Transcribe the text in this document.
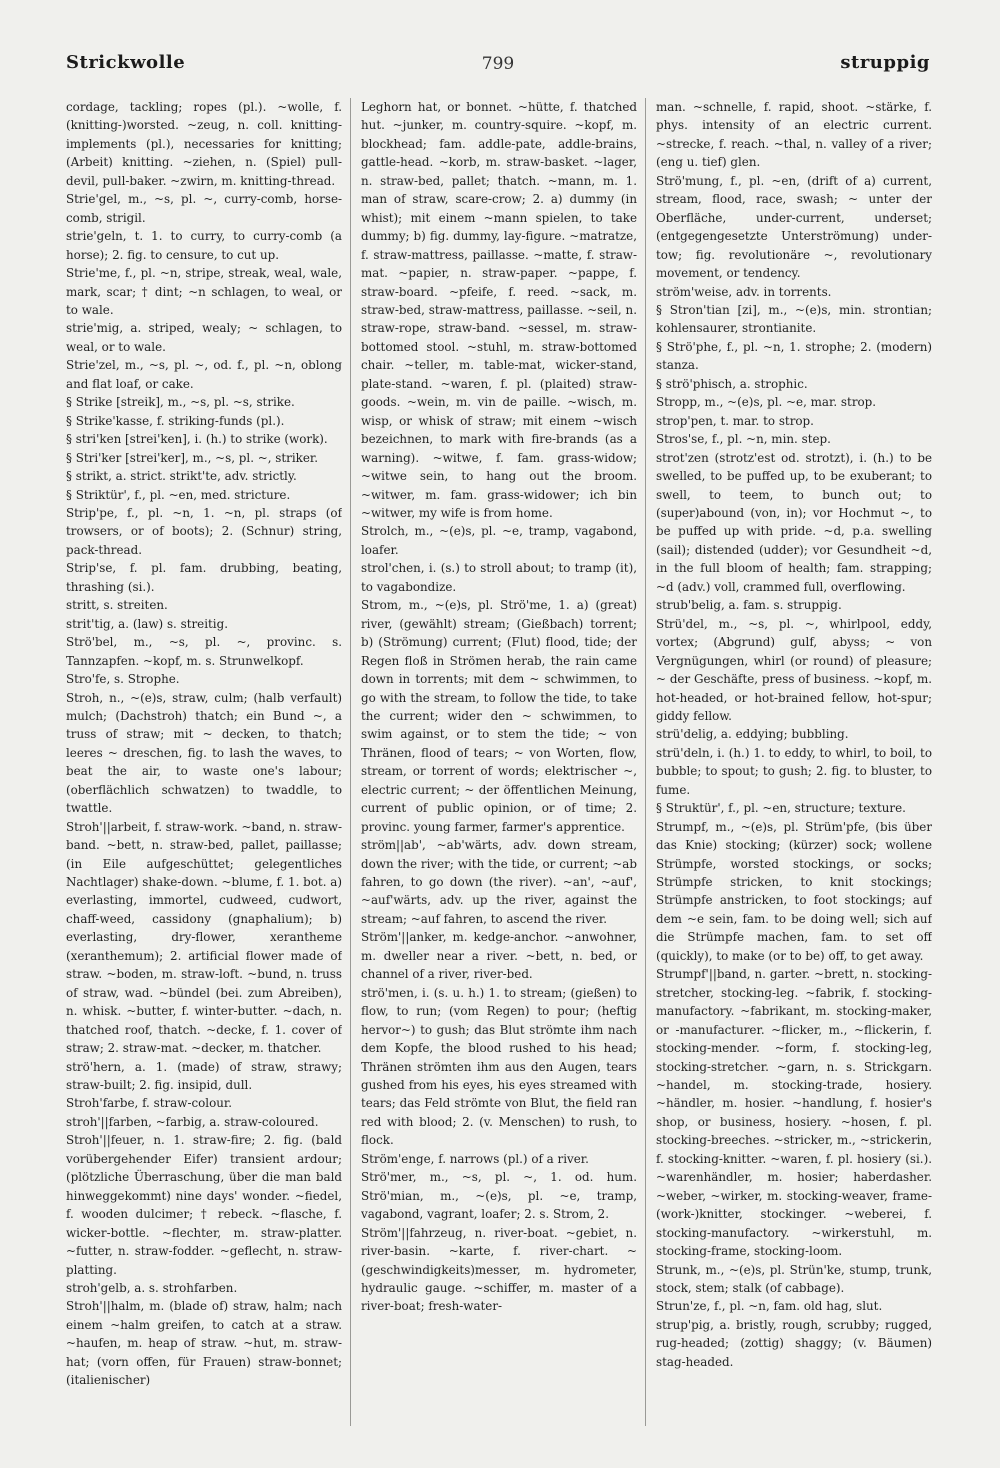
Strickwolle	799	struppig

cordage, tackling; ropes (pl.). ~wolle, f. (knitting-)worsted. ~zeug, n. coll. knitting-implements (pl.), necessaries for knitting; (Arbeit) knitting. ~ziehen, n. (Spiel) pull-devil, pull-baker. ~zwirn, m. knitting-thread.

Strie'gel, m., ~s, pl. ~, curry-comb, horse-comb, strigil.

strie'geln, t. 1. to curry, to curry-comb (a horse); 2. fig. to censure, to cut up.

Strie'me, f., pl. ~n, stripe, streak, weal, wale, mark, scar; † dint; ~n schlagen, to weal, or to wale.

strie'mig, a. striped, wealy; ~ schlagen, to weal, or to wale.

Strie'zel, m., ~s, pl. ~, od. f., pl. ~n, oblong and flat loaf, or cake.

§ Strike [streik], m., ~s, pl. ~s, strike.

§ Strike'kasse, f. striking-funds (pl.).

§ stri'ken [strei'ken], i. (h.) to strike (work).

§ Stri'ker [strei'ker], m., ~s, pl. ~, striker.

§ strikt, a. strict. strikt'te, adv. strictly.

§ Striktür', f., pl. ~en, med. stricture.

Strip'pe, f., pl. ~n, 1. ~n, pl. straps (of trowsers, or of boots); 2. (Schnur) string, pack-thread.

Strip'se, f. pl. fam. drubbing, beating, thrashing (si.).

stritt, s. streiten.

strit'tig, a. (law) s. streitig.

Strö'bel, m., ~s, pl. ~, provinc. s. Tannzapfen. ~kopf, m. s. Strunwelkopf.

Stro'fe, s. Strophe.

Stroh, n., ~(e)s, straw, culm; (halb verfault) mulch; (Dachstroh) thatch; ein Bund ~, a truss of straw; mit ~ decken, to thatch; leeres ~ dreschen, fig. to lash the waves, to beat the air, to waste one's labour; (oberflächlich schwatzen) to twaddle, to twattle.

Stroh'||arbeit, f. straw-work. ~band, n. straw-band. ~bett, n. straw-bed, pallet, paillasse; (in Eile aufgeschüttet; gelegentliches Nachtlager) shake-down. ~blume, f. 1. bot. a) everlasting, immortel, cudweed, cudwort, chaff-weed, cassidony (gnaphalium); b) everlasting, dry-flower, xerantheme (xeranthemum); 2. artificial flower made of straw. ~boden, m. straw-loft. ~bund, n. truss of straw, wad. ~bündel (bei. zum Abreiben), n. whisk. ~butter, f. winter-butter. ~dach, n. thatched roof, thatch. ~decke, f. 1. cover of straw; 2. straw-mat. ~decker, m. thatcher.

strö'hern, a. 1. (made) of straw, strawy; straw-built; 2. fig. insipid, dull.

Stroh'farbe, f. straw-colour.

stroh'||farben, ~farbig, a. straw-coloured.

Stroh'||feuer, n. 1. straw-fire; 2. fig. (bald vorübergehender Eifer) transient ardour; (plötzliche Überraschung, über die man bald hinweggekommt) nine days' wonder. ~fiedel, f. wooden dulcimer; † rebeck. ~flasche, f. wicker-bottle. ~flechter, m. straw-platter. ~futter, n. straw-fodder. ~geflecht, n. straw-platting.

stroh'gelb, a. s. strohfarben.

Stroh'||halm, m. (blade of) straw, halm; nach einem ~halm greifen, to catch at a straw. ~haufen, m. heap of straw. ~hut, m. straw-hat; (vorn offen, für Frauen) straw-bonnet; (italienischer)

Leghorn hat, or bonnet. ~hütte, f. thatched hut. ~junker, m. country-squire. ~kopf, m. blockhead; fam. addle-pate, addle-brains, gattle-head. ~korb, m. straw-basket. ~lager, n. straw-bed, pallet; thatch. ~mann, m. 1. man of straw, scare-crow; 2. a) dummy (in whist); mit einem ~mann spielen, to take dummy; b) fig. dummy, lay-figure. ~matratze, f. straw-mattress, paillasse. ~matte, f. straw-mat. ~papier, n. straw-paper. ~pappe, f. straw-board. ~pfeife, f. reed. ~sack, m. straw-bed, straw-mattress, paillasse. ~seil, n. straw-rope, straw-band. ~sessel, m. straw-bottomed stool. ~stuhl, m. straw-bottomed chair. ~teller, m. table-mat, wicker-stand, plate-stand. ~waren, f. pl. (plaited) straw-goods. ~wein, m. vin de paille. ~wisch, m. wisp, or whisk of straw; mit einem ~wisch bezeichnen, to mark with fire-brands (as a warning). ~witwe, f. fam. grass-widow; ~witwe sein, to hang out the broom. ~witwer, m. fam. grass-widower; ich bin ~witwer, my wife is from home.

Strolch, m., ~(e)s, pl. ~e, tramp, vagabond, loafer.

strol'chen, i. (s.) to stroll about; to tramp (it), to vagabondize.

Strom, m., ~(e)s, pl. Strö'me, 1. a) (great) river, (gewählt) stream; (Gießbach) torrent; b) (Strömung) current; (Flut) flood, tide; der Regen floß in Strömen herab, the rain came down in torrents; mit dem ~ schwimmen, to go with the stream, to follow the tide, to take the current; wider den ~ schwimmen, to swim against, or to stem the tide; ~ von Thränen, flood of tears; ~ von Worten, flow, stream, or torrent of words; elektrischer ~, electric current; ~ der öffentlichen Meinung, current of public opinion, or of time; 2. provinc. young farmer, farmer's apprentice.

ström||ab', ~ab'wärts, adv. down stream, down the river; with the tide, or current; ~ab fahren, to go down (the river). ~an', ~auf', ~auf'wärts, adv. up the river, against the stream; ~auf fahren, to ascend the river.

Ström'||anker, m. kedge-anchor. ~anwohner, m. dweller near a river. ~bett, n. bed, or channel of a river, river-bed.

strö'men, i. (s. u. h.) 1. to stream; (gießen) to flow, to run; (vom Regen) to pour; (heftig hervor~) to gush; das Blut strömte ihm nach dem Kopfe, the blood rushed to his head; Thränen strömten ihm aus den Augen, tears gushed from his eyes, his eyes streamed with tears; das Feld strömte von Blut, the field ran red with blood; 2. (v. Menschen) to rush, to flock.

Ström'enge, f. narrows (pl.) of a river.

Strö'mer, m., ~s, pl. ~, 1. od. hum. Strö'mian, m., ~(e)s, pl. ~e, tramp, vagabond, vagrant, loafer; 2. s. Strom, 2.

Ström'||fahrzeug, n. river-boat. ~gebiet, n. river-basin. ~karte, f. river-chart. ~(geschwindigkeits)messer, m. hydrometer, hydraulic gauge. ~schiffer, m. master of a river-boat; fresh-water-

man. ~schnelle, f. rapid, shoot. ~stärke, f. phys. intensity of an electric current. ~strecke, f. reach. ~thal, n. valley of a river; (eng u. tief) glen.

Strö'mung, f., pl. ~en, (drift of a) current, stream, flood, race, swash; ~ unter der Oberfläche, under-current, underset; (entgegengesetzte Unterströmung) under-tow; fig. revolutionäre ~, revolutionary movement, or tendency.

ström'weise, adv. in torrents.

§ Stron'tian [zi], m., ~(e)s, min. strontian; kohlensaurer, strontianite.

§ Strö'phe, f., pl. ~n, 1. strophe; 2. (modern) stanza.

§ strö'phisch, a. strophic.

Stropp, m., ~(e)s, pl. ~e, mar. strop.

strop'pen, t. mar. to strop.

Stros'se, f., pl. ~n, min. step.

strot'zen (strotz'est od. strotzt), i. (h.) to be swelled, to be puffed up, to be exuberant; to swell, to teem, to bunch out; to (super)abound (von, in); vor Hochmut ~, to be puffed up with pride. ~d, p.a. swelling (sail); distended (udder); vor Gesundheit ~d, in the full bloom of health; fam. strapping; ~d (adv.) voll, crammed full, overflowing.

strub'belig, a. fam. s. struppig.

Strü'del, m., ~s, pl. ~, whirlpool, eddy, vortex; (Abgrund) gulf, abyss; ~ von Vergnügungen, whirl (or round) of pleasure; ~ der Geschäfte, press of business. ~kopf, m. hot-headed, or hot-brained fellow, hot-spur; giddy fellow.

strü'delig, a. eddying; bubbling.

strü'deln, i. (h.) 1. to eddy, to whirl, to boil, to bubble; to spout; to gush; 2. fig. to bluster, to fume.

§ Struktür', f., pl. ~en, structure; texture.

Strumpf, m., ~(e)s, pl. Strüm'pfe, (bis über das Knie) stocking; (kürzer) sock; wollene Strümpfe, worsted stockings, or socks; Strümpfe stricken, to knit stockings; Strümpfe anstricken, to foot stockings; auf dem ~e sein, fam. to be doing well; sich auf die Strümpfe machen, fam. to set off (quickly), to make (or to be) off, to get away.

Strumpf'||band, n. garter. ~brett, n. stocking-stretcher, stocking-leg. ~fabrik, f. stocking-manufactory. ~fabrikant, m. stocking-maker, or -manufacturer. ~flicker, m., ~flickerin, f. stocking-mender. ~form, f. stocking-leg, stocking-stretcher. ~garn, n. s. Strickgarn. ~handel, m. stocking-trade, hosiery. ~händler, m. hosier. ~handlung, f. hosier's shop, or business, hosiery. ~hosen, f. pl. stocking-breeches. ~stricker, m., ~strickerin, f. stocking-knitter. ~waren, f. pl. hosiery (si.). ~warenhändler, m. hosier; haberdasher. ~weber, ~wirker, m. stocking-weaver, frame-(work-)knitter, stockinger. ~weberei, f. stocking-manufactory. ~wirkerstuhl, m. stocking-frame, stocking-loom.

Strunk, m., ~(e)s, pl. Strün'ke, stump, trunk, stock, stem; stalk (of cabbage).

Strun'ze, f., pl. ~n, fam. old hag, slut.

strup'pig, a. bristly, rough, scrubby; rugged, rug-headed; (zottig) shaggy; (v. Bäumen) stag-headed.
